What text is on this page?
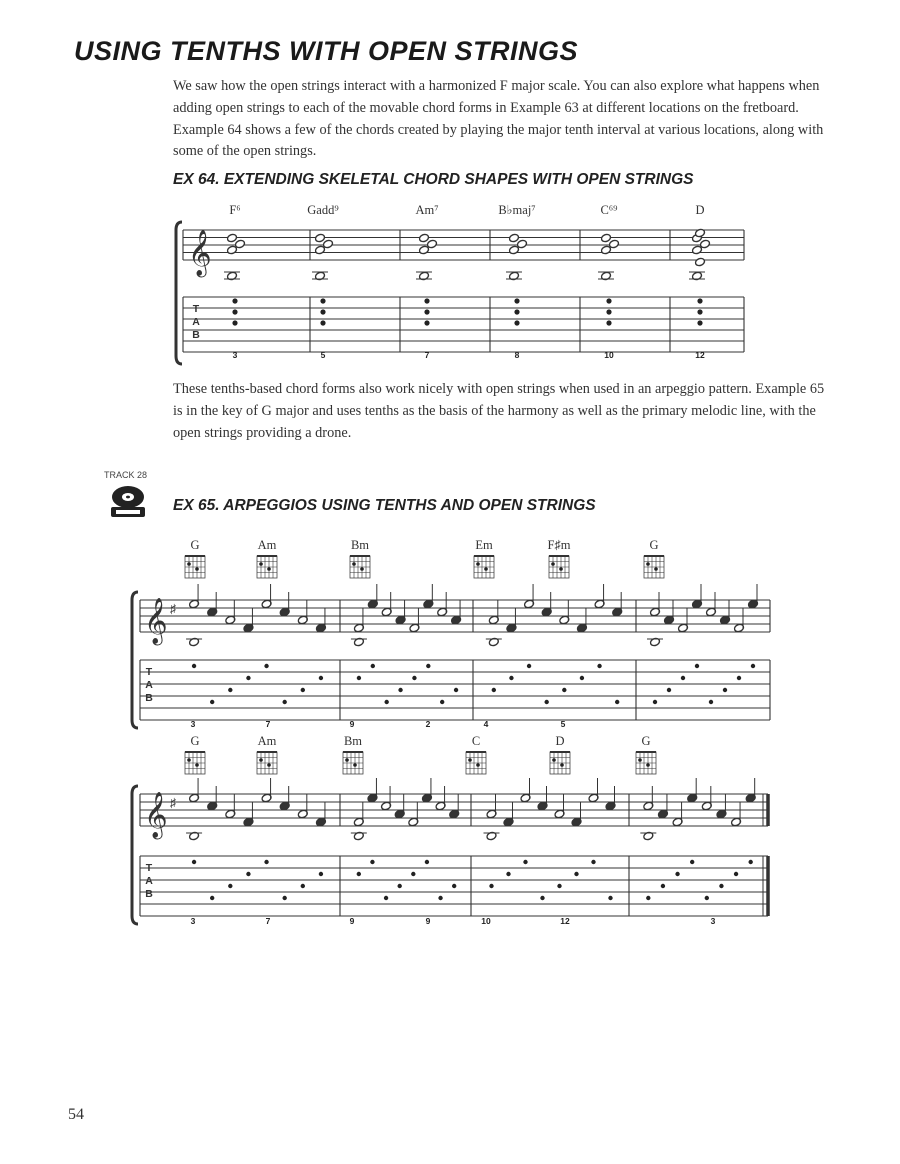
USING TENTHS WITH OPEN STRINGS

We saw how the open strings interact with a harmonized F major scale. You can also explore what happens when adding open strings to each of the movable chord forms in Example 63 at different locations on the fretboard. Example 64 shows a few of the chords created by playing the major tenth interval at various locations, along with some of the open strings.

EX 64. EXTENDING SKELETAL CHORD SHAPES WITH OPEN STRINGS

These tenths-based chord forms also work nicely with open strings when used in an arpeggio pattern. Example 65 is in the key of G major and uses tenths as the basis of the harmony as well as the primary melodic line, with the open strings providing a drone.

TRACK 28
EX 65. ARPEGGIOS USING TENTHS AND OPEN STRINGS
𝄞
T
A
B
F⁶	Gadd⁹	Am⁷	B♭maj⁷	C⁶⁹	D
3	5	7	8	10	12
𝄞 ♯
T
A
B
G	Am	Bm	Em	F♯m	G
3	7	9	2	4	5
𝄞 ♯
T
A
B
G	Am	Bm	C	D	G
3	7	9	9	10	12	3
54
